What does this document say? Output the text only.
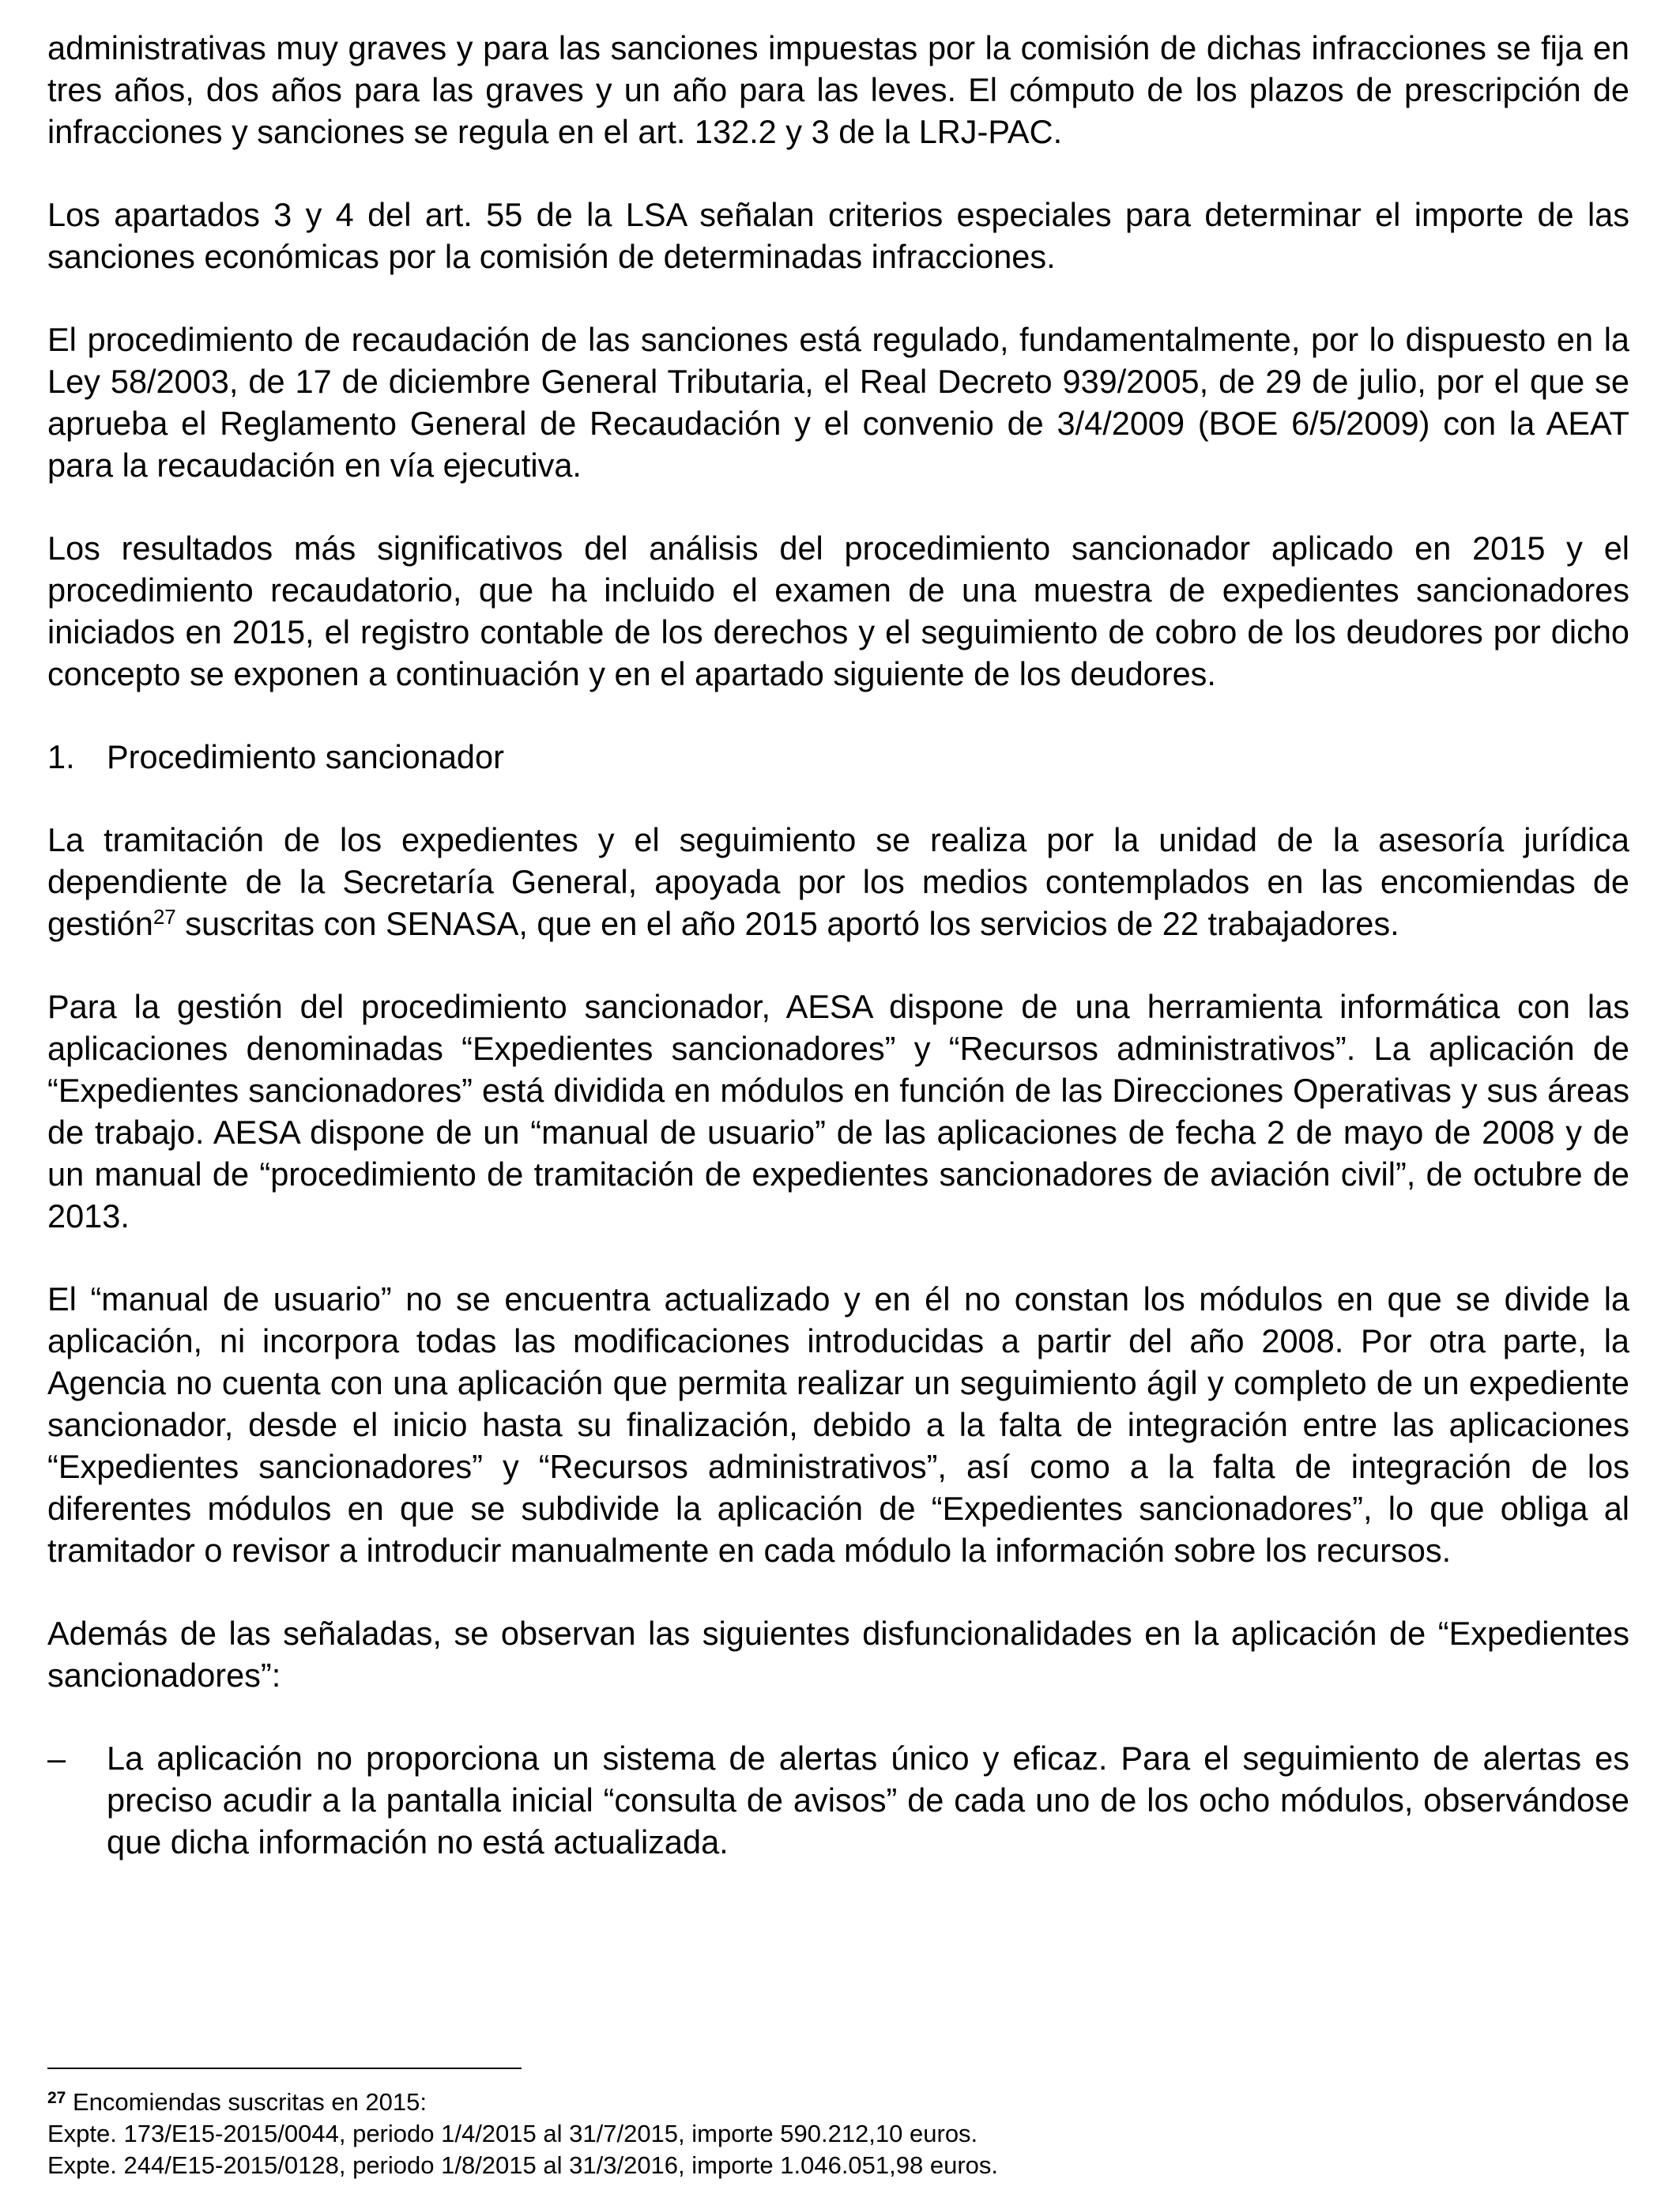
administrativas muy graves y para las sanciones impuestas por la comisión de dichas infracciones se fija en tres años, dos años para las graves y un año para las leves. El cómputo de los plazos de prescripción de infracciones y sanciones se regula en el art. 132.2 y 3 de la LRJ-PAC.

Los apartados 3 y 4 del art. 55 de la LSA señalan criterios especiales para determinar el importe de las sanciones económicas por la comisión de determinadas infracciones.

El procedimiento de recaudación de las sanciones está regulado, fundamentalmente, por lo dispuesto en la Ley 58/2003, de 17 de diciembre General Tributaria, el Real Decreto 939/2005, de 29 de julio, por el que se aprueba el Reglamento General de Recaudación y el convenio de 3/4/2009 (BOE 6/5/2009) con la AEAT para la recaudación en vía ejecutiva.

Los resultados más significativos del análisis del procedimiento sancionador aplicado en 2015 y el procedimiento recaudatorio, que ha incluido el examen de una muestra de expedientes sancionadores iniciados en 2015, el registro contable de los derechos y el seguimiento de cobro de los deudores por dicho concepto se exponen a continuación y en el apartado siguiente de los deudores.

1. Procedimiento sancionador

La tramitación de los expedientes y el seguimiento se realiza por la unidad de la asesoría jurídica dependiente de la Secretaría General, apoyada por los medios contemplados en las encomiendas de gestión$^{27}$ suscritas con SENASA, que en el año 2015 aportó los servicios de 22 trabajadores.

Para la gestión del procedimiento sancionador, AESA dispone de una herramienta informática con las aplicaciones denominadas “Expedientes sancionadores” y “Recursos administrativos”. La aplicación de “Expedientes sancionadores” está dividida en módulos en función de las Direcciones Operativas y sus áreas de trabajo. AESA dispone de un “manual de usuario” de las aplicaciones de fecha 2 de mayo de 2008 y de un manual de “procedimiento de tramitación de expedientes sancionadores de aviación civil”, de octubre de 2013.

El “manual de usuario” no se encuentra actualizado y en él no constan los módulos en que se divide la aplicación, ni incorpora todas las modificaciones introducidas a partir del año 2008. Por otra parte, la Agencia no cuenta con una aplicación que permita realizar un seguimiento ágil y completo de un expediente sancionador, desde el inicio hasta su finalización, debido a la falta de integración entre las aplicaciones “Expedientes sancionadores” y “Recursos administrativos”, así como a la falta de integración de los diferentes módulos en que se subdivide la aplicación de “Expedientes sancionadores”, lo que obliga al tramitador o revisor a introducir manualmente en cada módulo la información sobre los recursos.

Además de las señaladas, se observan las siguientes disfuncionalidades en la aplicación de “Expedientes sancionadores”:

–	La aplicación no proporciona un sistema de alertas único y eficaz. Para el seguimiento de alertas es preciso acudir a la pantalla inicial “consulta de avisos” de cada uno de los ocho módulos, observándose que dicha información no está actualizada.

$^{27}$ Encomiendas suscritas en 2015:

Expte. 173/E15-2015/0044, periodo 1/4/2015 al 31/7/2015, importe 590.212,10 euros.

Expte. 244/E15-2015/0128, periodo 1/8/2015 al 31/3/2016, importe 1.046.051,98 euros.
